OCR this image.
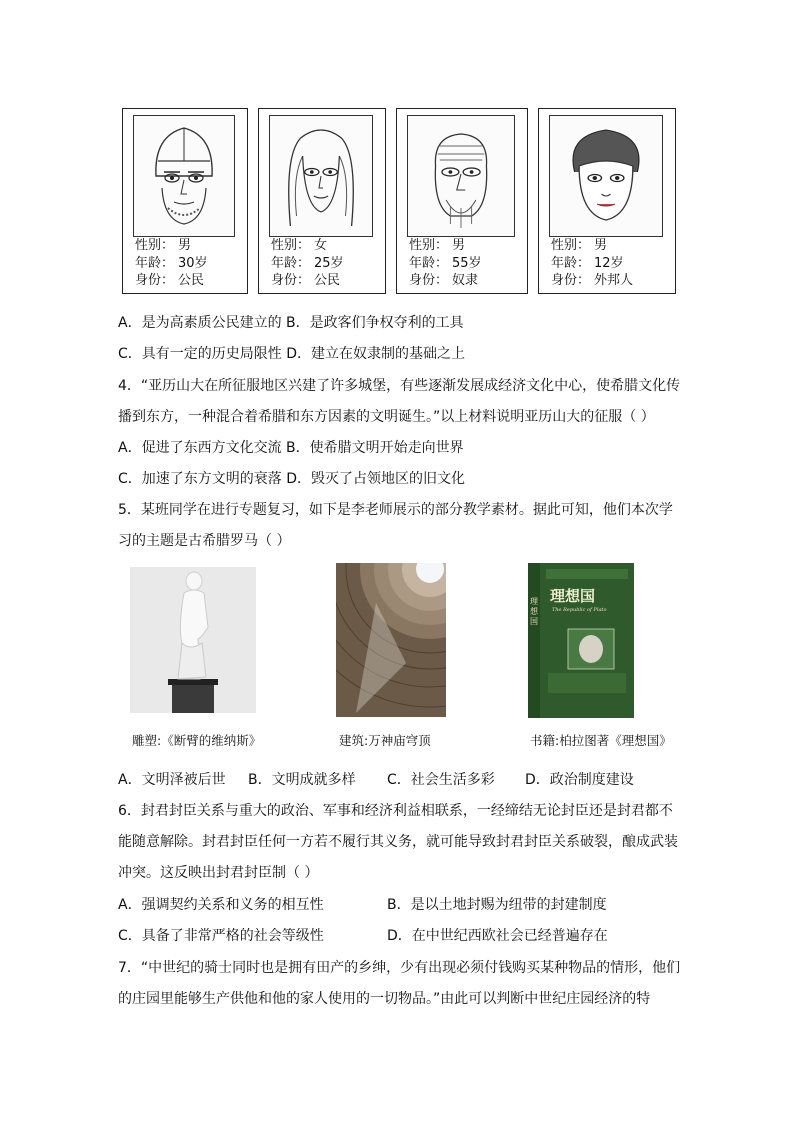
性别： 男
年龄： 30岁
身份： 公民
性别： 女
年龄： 25岁
身份： 公民
性别： 男
年龄： 55岁
身份： 奴隶
性别： 男
年龄： 12岁
身份： 外邦人
A．是为高素质公民建立的 B．是政客们争权夺利的工具
C．具有一定的历史局限性 D．建立在奴隶制的基础之上
4．“亚历山大在所征服地区兴建了许多城堡，有些逐渐发展成经济文化中心，使希腊文化传
播到东方，一种混合着希腊和东方因素的文明诞生。”以上材料说明亚历山大的征服（ ）
A．促进了东西方文化交流 B．使希腊文明开始走向世界
C．加速了东方文明的衰落 D．毁灭了占领地区的旧文化
5．某班同学在进行专题复习，如下是李老师展示的部分教学素材。据此可知，他们本次学
习的主题是古希腊罗马（ ）
理想国
The Republic of Plato
理想国
雕塑:《断臂的维纳斯》	建筑:万神庙穹顶	书籍:柏拉图著《理想国》
A．文明泽被后世 B．文明成就多样 C．社会生活多彩 D．政治制度建设
6．封君封臣关系与重大的政治、军事和经济利益相联系，一经缔结无论封臣还是封君都不
能随意解除。封君封臣任何一方若不履行其义务，就可能导致封君封臣关系破裂，酿成武装
冲突。这反映出封君封臣制（ ）
A．强调契约关系和义务的相互性	B．是以土地封赐为纽带的封建制度
C．具备了非常严格的社会等级性	D．在中世纪西欧社会已经普遍存在
7．“中世纪的骑士同时也是拥有田产的乡绅，少有出现必须付钱购买某种物品的情形，他们
的庄园里能够生产供他和他的家人使用的一切物品。”由此可以判断中世纪庄园经济的特
